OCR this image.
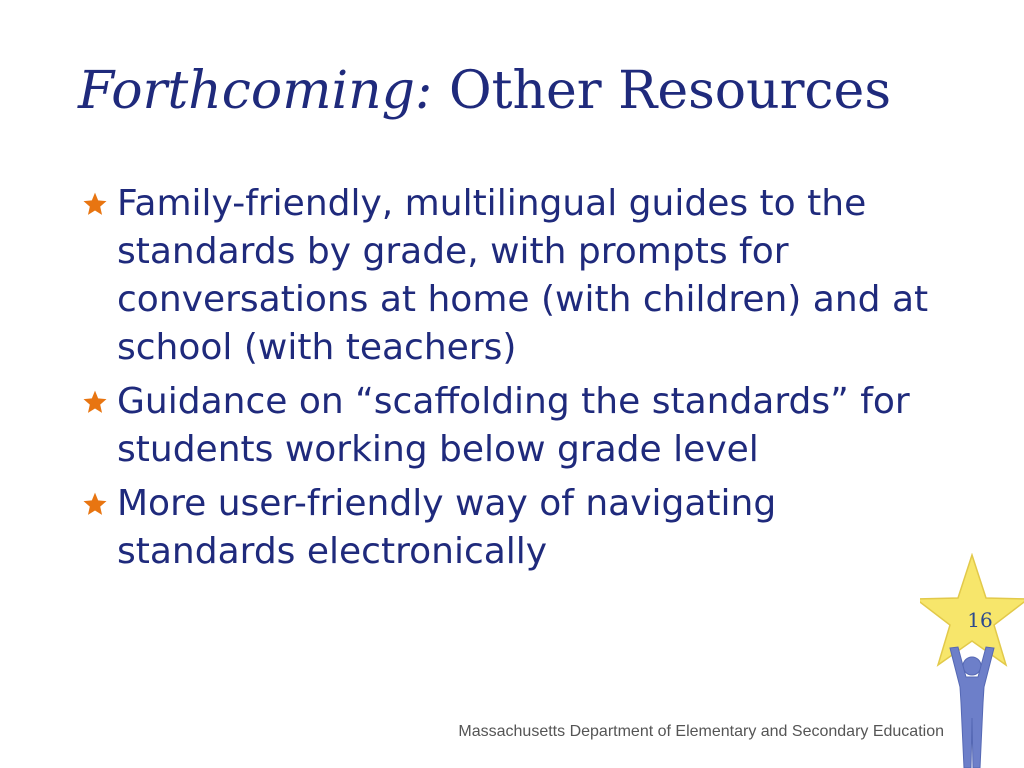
Forthcoming: Other Resources
Family-friendly, multilingual guides to the standards by grade, with prompts for conversations at home (with children) and at school (with teachers)
Guidance on “scaffolding the standards” for students working below grade level
More user-friendly way of navigating standards electronically
16
Massachusetts Department of Elementary and Secondary Education
